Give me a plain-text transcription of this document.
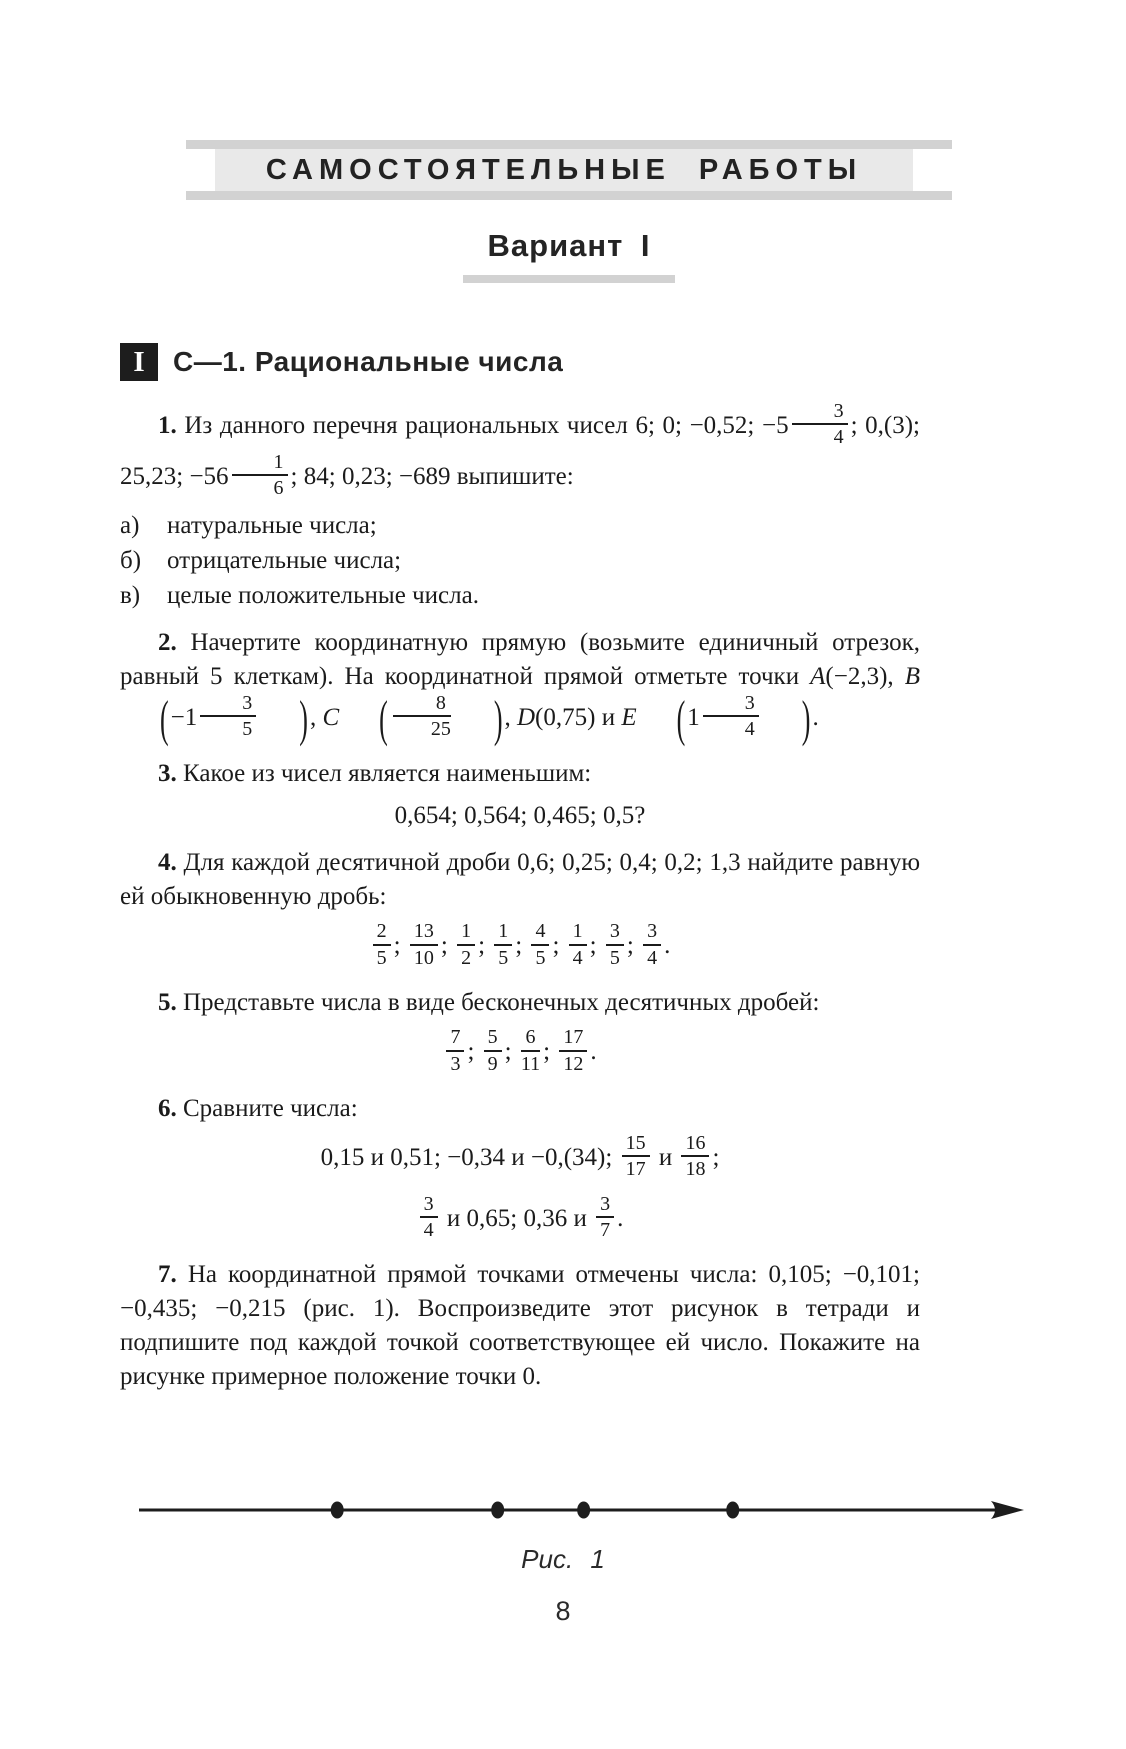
САМОСТОЯТЕЛЬНЫЕ РАБОТЫ
Вариант I
I	С—1. Рациональные числа
1. Из данного перечня рациональных чисел 6; 0; −0,52; $-5 \frac{3}{4}$ ; 0,(3); 25,23; $-56 \frac{1}{6}$ ; 84; 0,23; −689 выпишите:
а)	натуральные числа;
б)	отрицательные числа;
в)	целые положительные числа.
2. Начертите координатную прямую (возьмите единичный отрезок, равный 5 клеткам). На координатной прямой отметьте точки A(−2,3), $B(-1 \frac{3}{5}$ ), C ( $\frac{8}{25}$ ), D(0,75) и E ($1 \frac{3}{4}$ ).
3. Какое из чисел является наименьшим:
0,654; 0,564; 0,465; 0,5?
4. Для каждой десятичной дроби 0,6; 0,25; 0,4; 0,2; 1,3 найдите равную ей обыкновенную дробь:
$\frac{2}{5}$ ; $\frac{13}{10}$ ; $\frac{1}{2}$ ; $\frac{1}{5}$ ; $\frac{4}{5}$ ; $\frac{1}{4}$ ; $\frac{3}{5}$ ; $\frac{3}{4}$ .
5. Представьте числа в виде бесконечных десятичных дробей:
$\frac{7}{3}$ ; $\frac{5}{9}$ ; $\frac{6}{11}$ ; $\frac{17}{12}$ .
6. Сравните числа:
0,15 и 0,51; −0,34 и −0,(34); $\frac{15}{17}$ и $\frac{16}{18}$ ;
$\frac{3}{4}$ и 0,65; 0,36 и $\frac{3}{7}$ .
7. На координатной прямой точками отмечены числа: 0,105; −0,101; −0,435; −0,215 (рис. 1). Воспроизведите этот рисунок в тетради и подпишите под каждой точкой соответствующее ей число. Покажите на рисунке примерное положение точки 0.
Рис. 1
8
